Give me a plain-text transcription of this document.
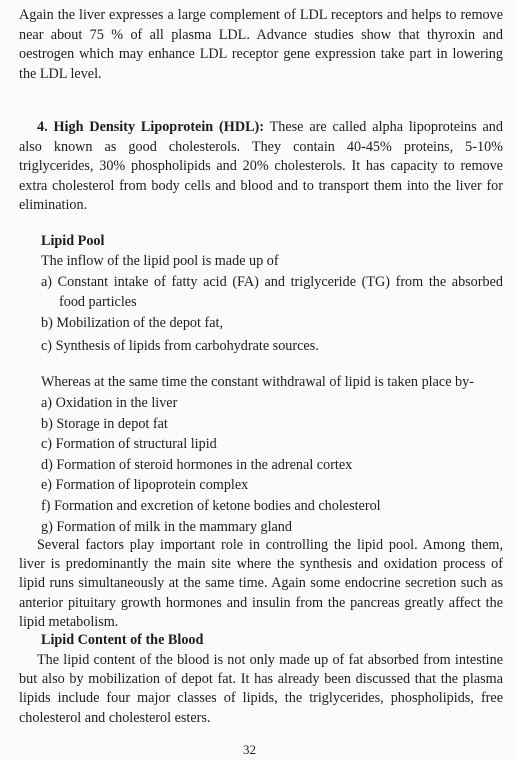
Again the liver expresses a large complement of LDL receptors and helps to remove near about 75 % of all plasma LDL. Advance studies show that thyroxin and oestrogen which may enhance LDL receptor gene expression take part in lowering the LDL level.

4. High Density Lipoprotein (HDL): These are called alpha lipoproteins and also known as good cholesterols. They contain 40-45% proteins, 5-10% triglycerides, 30% phospholipids and 20% cholesterols. It has capacity to remove extra cholesterol from body cells and blood and to transport them into the liver for elimination.

Lipid Pool
The inflow of the lipid pool is made up of
a) Constant intake of fatty acid (FA) and triglyceride (TG) from the absorbed food particles
b) Mobilization of the depot fat,
c) Synthesis of lipids from carbohydrate sources.
Whereas at the same time the constant withdrawal of lipid is taken place by-
a) Oxidation in the liver
b) Storage in depot fat
c) Formation of structural lipid
d) Formation of steroid hormones in the adrenal cortex
e) Formation of lipoprotein complex
f) Formation and excretion of ketone bodies and cholesterol
g) Formation of milk in the mammary gland

Several factors play important role in controlling the lipid pool. Among them, liver is predominantly the main site where the synthesis and oxidation process of lipid runs simultaneously at the same time. Again some endocrine secretion such as anterior pituitary growth hormones and insulin from the pancreas greatly affect the lipid metabolism.

Lipid Content of the Blood

The lipid content of the blood is not only made up of fat absorbed from intestine but also by mobilization of depot fat. It has already been discussed that the plasma lipids include four major classes of lipids, the triglycerides, phospholipids, free cholesterol and cholesterol esters.

32
